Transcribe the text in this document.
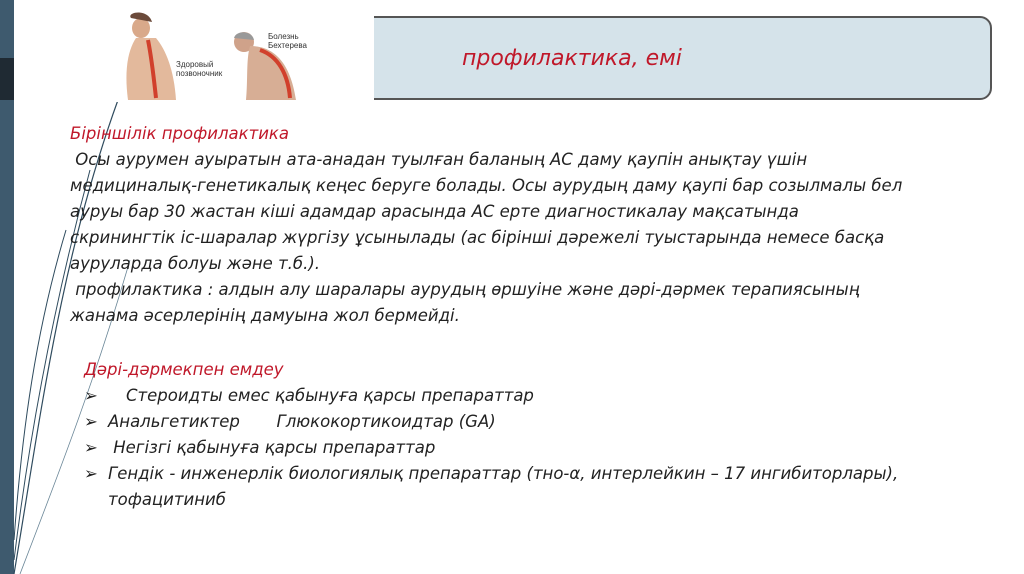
Болезнь Бехтерева
Здоровый позвоночник
профилактика, емі
Біріншілік профилактика
Осы аурумен ауыратын ата-анадан туылған баланың АС даму қаупін анықтау үшін
медициналық-генетикалық кеңес беруге болады. Осы аурудың даму қаупі бар созылмалы бел
ауруы бар 30 жастан кіші адамдар арасында АС ерте диагностикалау мақсатында
скринингтік іс-шаралар жүргізу ұсынылады (ас бірінші дәрежелі туыстарында немесе басқа
ауруларда болуы және т.б.).
профилактика : алдын алу шаралары аурудың өршуіне және дәрі-дәрмек терапиясының
жанама әсерлерінің дамуына жол бермейді.
Дәрі-дәрмекпен емдеу
➢	Стероидты емес қабынуға қарсы препараттар
➢ Анальгетиктер       Глюкокортикоидтар (GA)
➢ Негізгі қабынуға қарсы препараттар
➢ Гендік - инженерлік биологиялық препараттар (тно-α, интерлейкин – 17 ингибиторлары),
тофацитиниб
